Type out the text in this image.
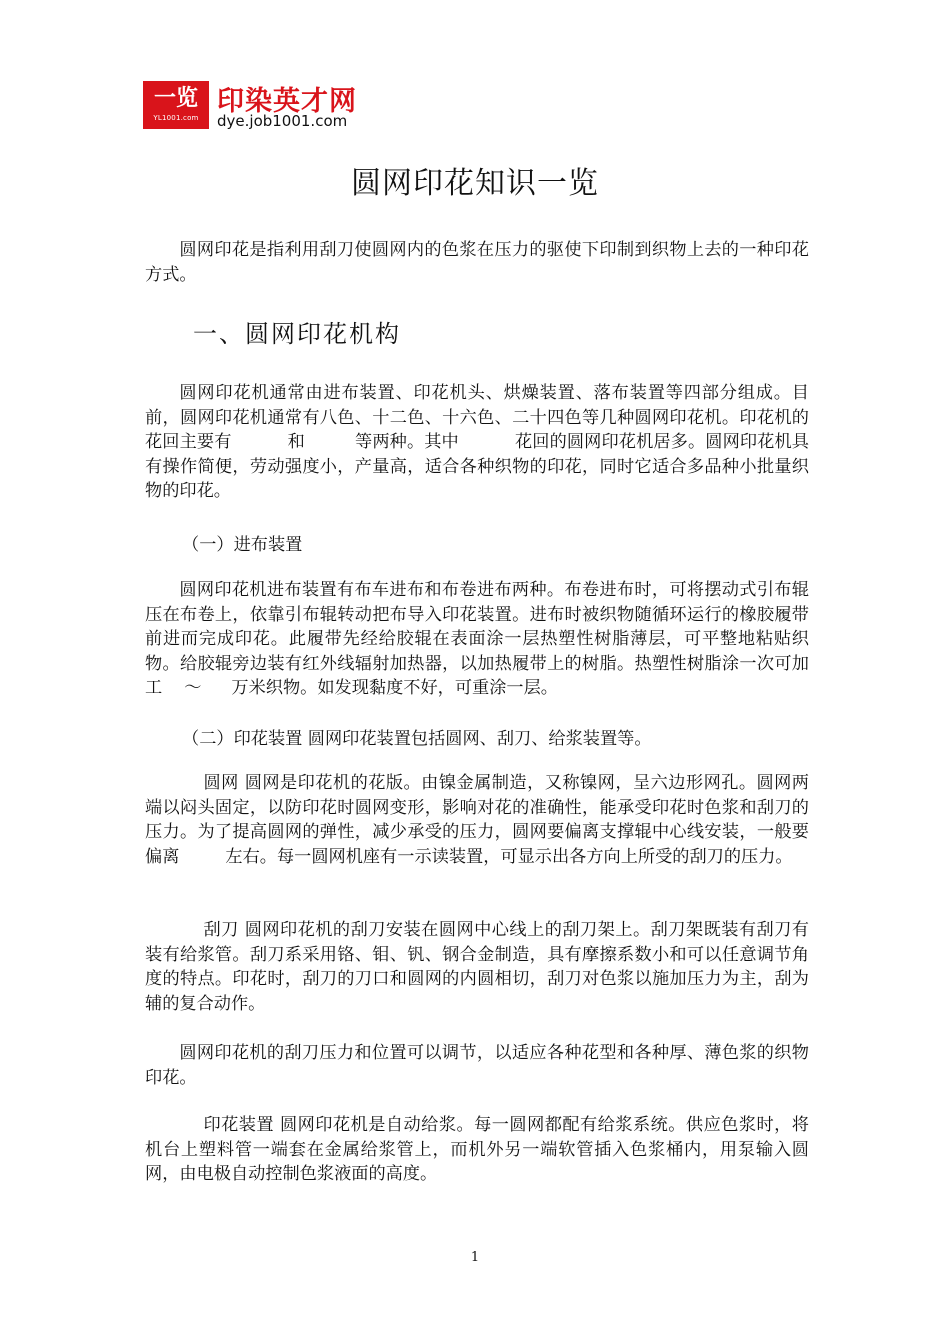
一览
YL1001.com
印染英才网
dye.job1001.com
圆网印花知识一览

圆网印花是指利用刮刀使圆网内的色浆在压力的驱使下印制到织物上去的一种印花方式。

一、圆网印花机构

圆网印花机通常由进布装置、印花机头、烘燥装置、落布装置等四部分组成。目前，圆网印花机通常有八色、十二色、十六色、二十四色等几种圆网印花机。印花机的花回主要有	和	等两种。其中	花回的圆网印花机居多。圆网印花机具有操作简便，劳动强度小，产量高，适合各种织物的印花，同时它适合多品种小批量织物的印花。

（一）进布装置

圆网印花机进布装置有布车进布和布卷进布两种。布卷进布时，可将摆动式引布辊压在布卷上，依靠引布辊转动把布导入印花装置。进布时被织物随循环运行的橡胶履带前进而完成印花。此履带先经给胶辊在表面涂一层热塑性树脂薄层，可平整地粘贴织物。给胶辊旁边装有红外线辐射加热器，以加热履带上的树脂。热塑性树脂涂一次可加工 ～ 万米织物。如发现黏度不好，可重涂一层。

（二）印花装置 圆网印花装置包括圆网、刮刀、给浆装置等。

圆网 圆网是印花机的花版。由镍金属制造，又称镍网，呈六边形网孔。圆网两端以闷头固定，以防印花时圆网变形，影响对花的准确性，能承受印花时色浆和刮刀的压力。为了提高圆网的弹性，减少承受的压力，圆网要偏离支撑辊中心线安装，一般要偏离	左右。每一圆网机座有一示读装置，可显示出各方向上所受的刮刀的压力。

刮刀 圆网印花机的刮刀安装在圆网中心线上的刮刀架上。刮刀架既装有刮刀有装有给浆管。刮刀系采用铬、钼、钒、钢合金制造，具有摩擦系数小和可以任意调节角度的特点。印花时，刮刀的刀口和圆网的内圆相切，刮刀对色浆以施加压力为主，刮为辅的复合动作。

圆网印花机的刮刀压力和位置可以调节，以适应各种花型和各种厚、薄色浆的织物印花。

印花装置 圆网印花机是自动给浆。每一圆网都配有给浆系统。供应色浆时，将机台上塑料管一端套在金属给浆管上，而机外另一端软管插入色浆桶内，用泵输入圆网，由电极自动控制色浆液面的高度。

1
